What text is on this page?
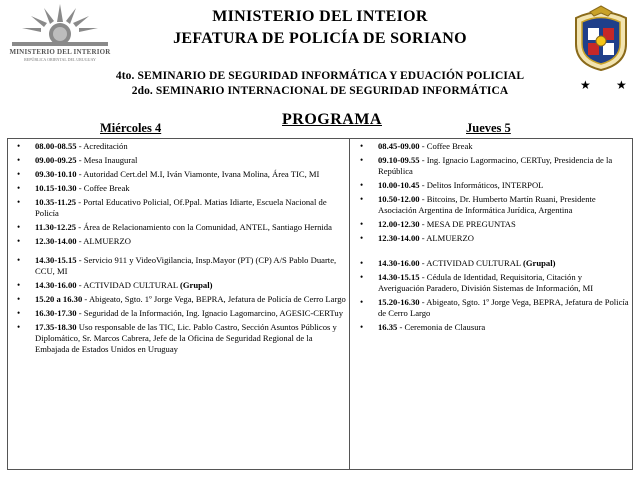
MINISTERIO DEL INTERIOR
REPÚBLICA ORIENTAL DEL URUGUAY
★ ★
MINISTERIO DEL INTEIOR
JEFATURA DE POLICÍA DE SORIANO
4to. SEMINARIO DE SEGURIDAD INFORMÁTICA Y EDUACIÓN POLICIAL
2do. SEMINARIO INTERNACIONAL DE SEGURIDAD INFORMÁTICA
Miércoles 4	PROGRAMA	Jueves 5
• 08.00-08.55 - Acreditación
• 09.00-09.25 - Mesa Inaugural
• 09.30-10.10 - Autoridad Cert.del M.I, Iván Viamonte, Ivana Molina, Área TIC, MI
• 10.15-10.30 - Coffee Break
• 10.35-11.25 - Portal Educativo Policial, Of.Ppal. Matias Idiarte, Escuela Nacional de Policía
• 11.30-12.25 - Área de Relacionamiento con la Comunidad, ANTEL, Santiago Hernida
• 12.30-14.00 - ALMUERZO
• 14.30-15.15 - Servicio 911 y VideoVigilancia, Insp.Mayor (PT) (CP) A/S Pablo Duarte, CCU, MI
• 14.30-16.00 - ACTIVIDAD CULTURAL (Grupal)
• 15.20 a 16.30 - Abigeato, Sgto. 1º Jorge Vega, BEPRA, Jefatura de Policía de Cerro Largo
• 16.30-17.30 - Seguridad de la Información, Ing. Ignacio Lagomarcino, AGESIC-CERTuy
• 17.35-18.30 Uso responsable de las TIC, Lic. Pablo Castro, Sección Asuntos Públicos y Diplomático, Sr. Marcos Cabrera, Jefe de la Oficina de Seguridad Regional de la Embajada de Estados Unidos en Uruguay
• 08.45-09.00 - Coffee Break
• 09.10-09.55 - Ing. Ignacio Lagormacino, CERTuy, Presidencia de la República
• 10.00-10.45 - Delitos Informáticos, INTERPOL
• 10.50-12.00 - Bitcoins, Dr. Humberto Martín Ruani, Presidente Asociación Argentina de Informática Jurídica, Argentina
• 12.00-12.30 - MESA DE PREGUNTAS
• 12.30-14.00 - ALMUERZO
• 14.30-16.00 - ACTIVIDAD CULTURAL (Grupal)
• 14.30-15.15 - Cédula de Identidad, Requisitoria, Citación y Averiguación Paradero, División Sistemas de Información, MI
• 15.20-16.30 - Abigeato, Sgto. 1º Jorge Vega, BEPRA, Jefatura de Policía de Cerro Largo
• 16.35 - Ceremonia de Clausura
